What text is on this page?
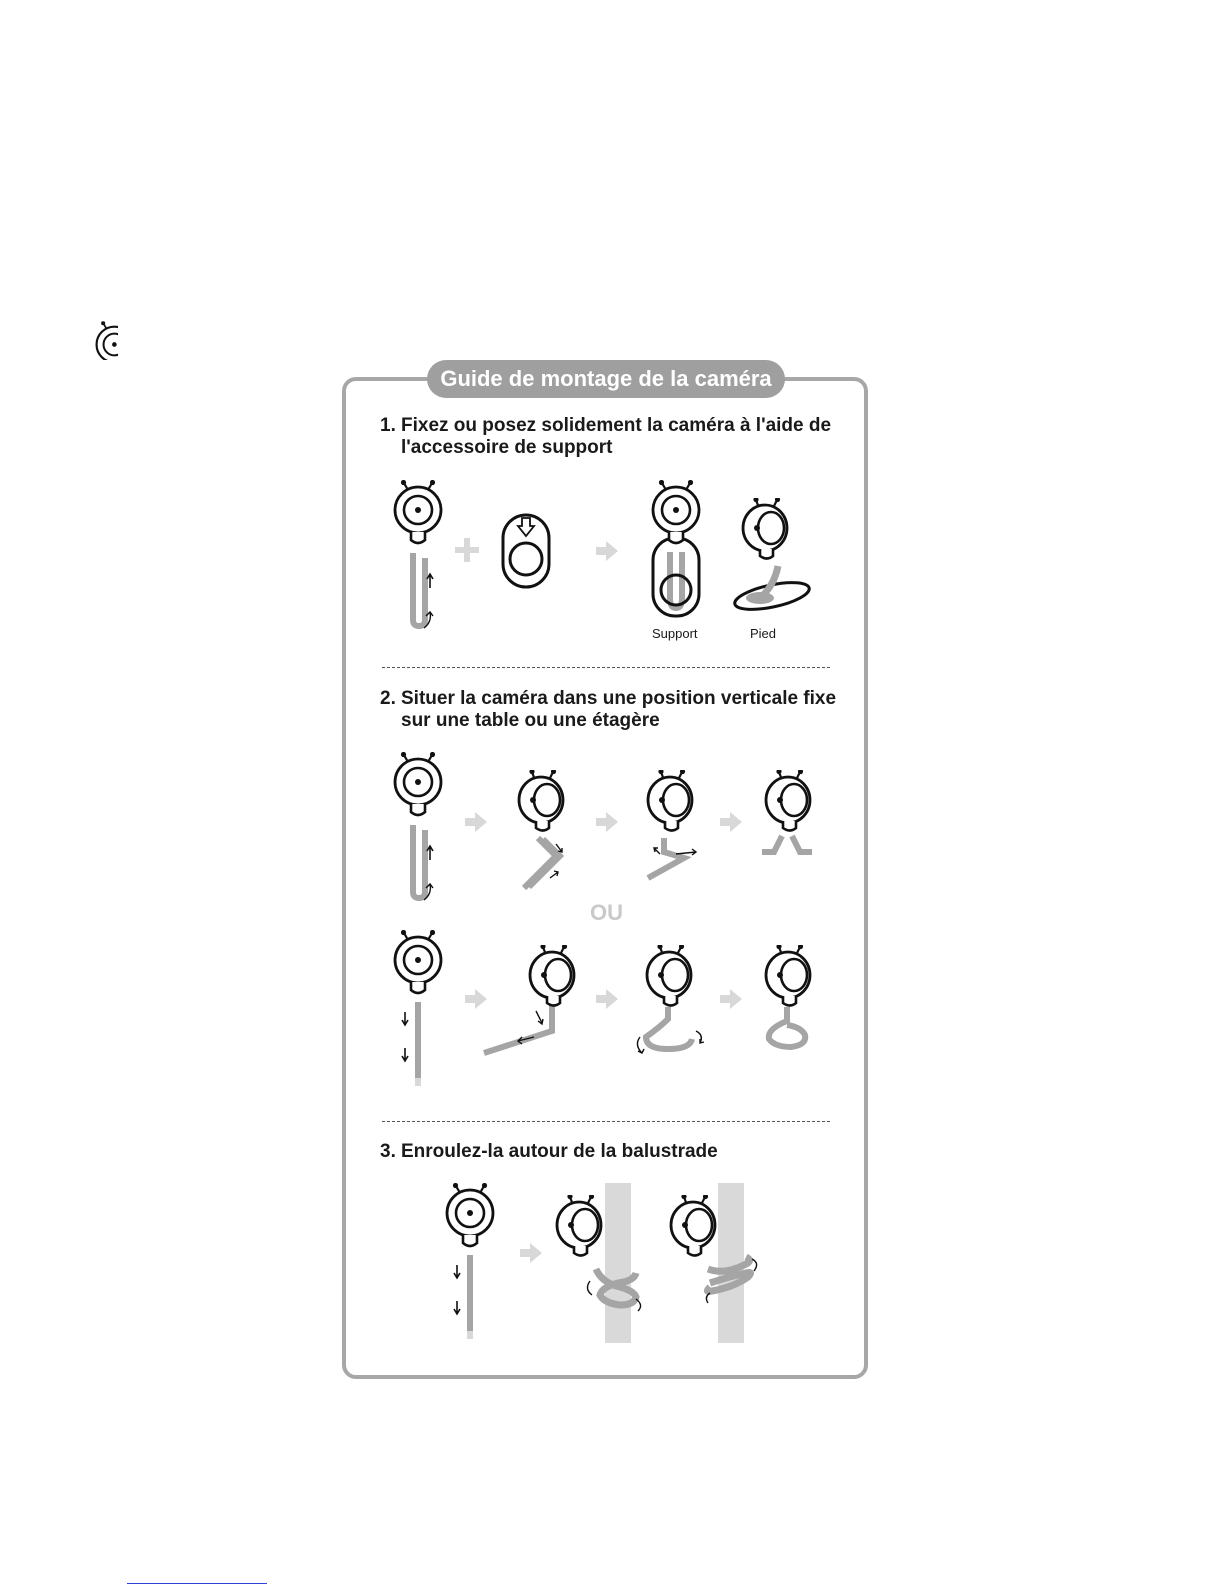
Guide de montage de la caméra
1. Fixez ou posez solidement la caméra à l'aide de
l'accessoire de support
Support	Pied
2. Situer la caméra dans une position verticale fixe
sur une table ou une étagère
OU
3. Enroulez-la autour de la balustrade
